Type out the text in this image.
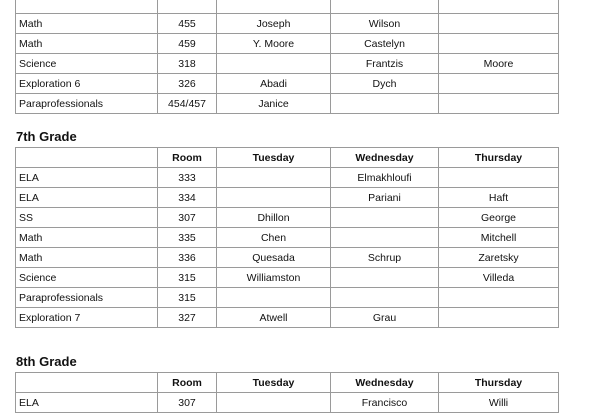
Math	455	Joseph	Wilson	
Math	459	Y. Moore	Castelyn	
Science	318		Frantzis	Moore
Exploration 6	326	Abadi	Dych	
Paraprofessionals	454/457	Janice		
7th Grade
	Room	Tuesday	Wednesday	Thursday
ELA	333		Elmakhloufi	
ELA	334		Pariani	Haft
SS	307	Dhillon		George
Math	335	Chen		Mitchell
Math	336	Quesada	Schrup	Zaretsky
Science	315	Williamston		Villeda
Paraprofessionals	315			
Exploration 7	327	Atwell	Grau	
8th Grade
	Room	Tuesday	Wednesday	Thursday
ELA	307		Francisco	Willi
